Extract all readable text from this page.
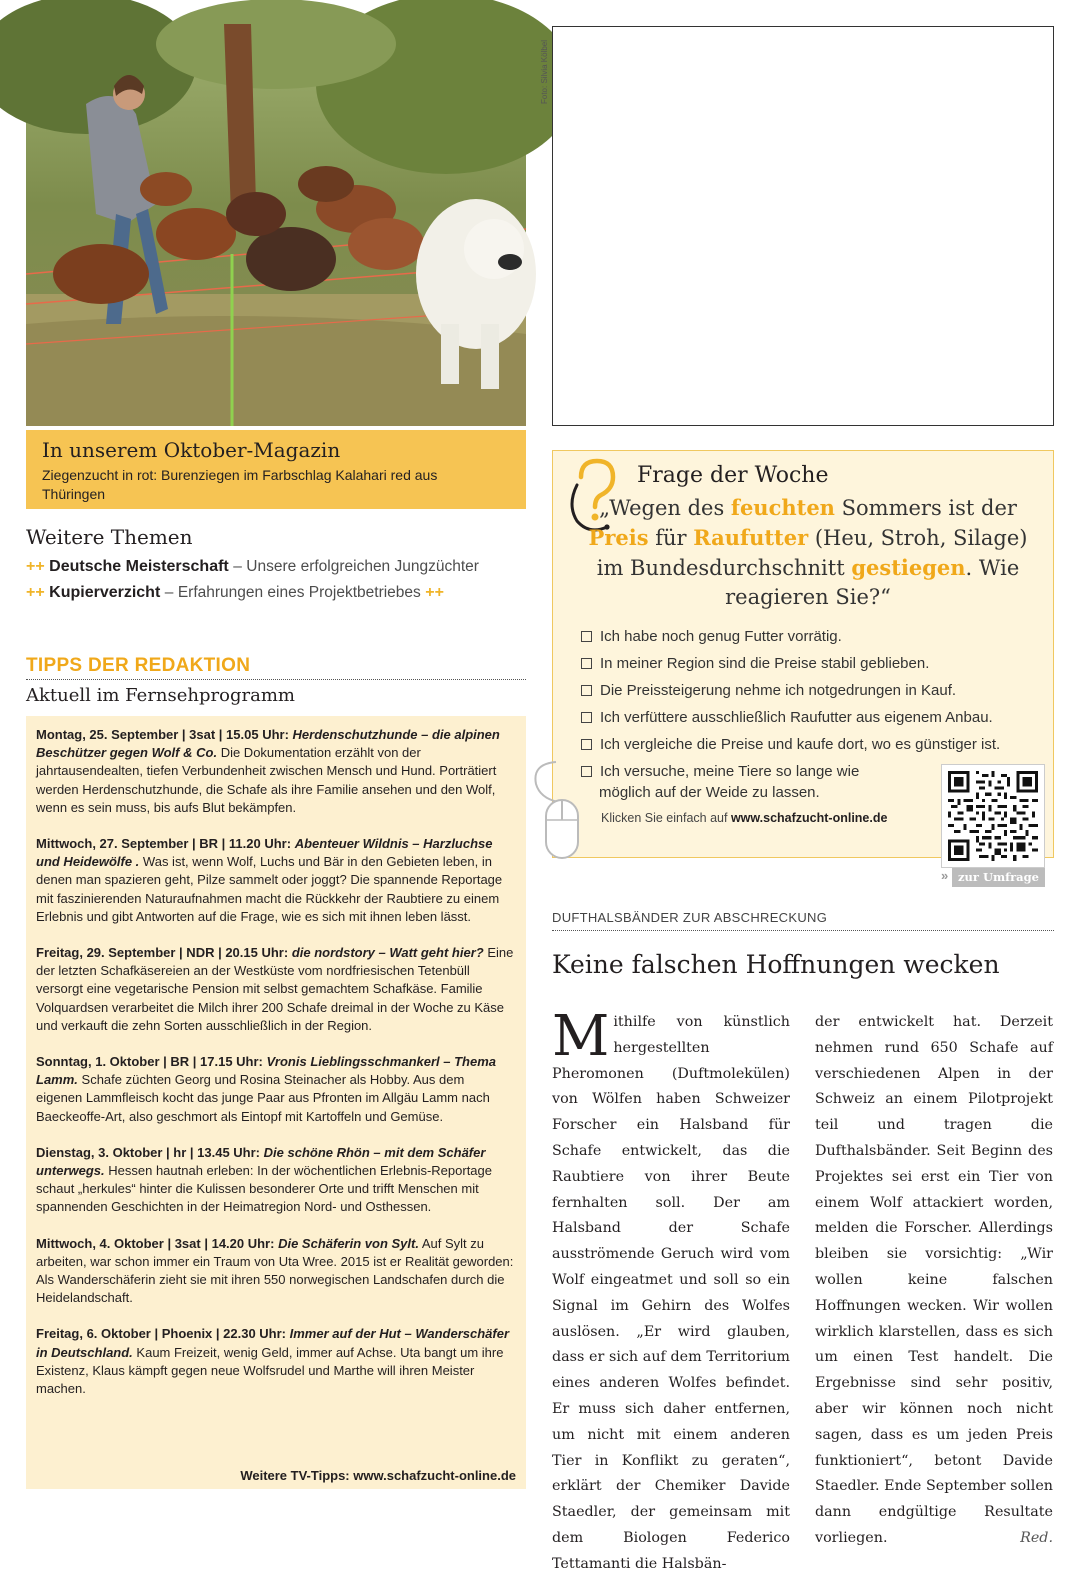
Foto: Silvia Kölbel
In unserem Oktober-Magazin
Ziegenzucht in rot: Burenziegen im Farbschlag Kalahari red aus Thüringen
Weitere Themen
++ Deutsche Meisterschaft – Unsere erfolgreichen Jungzüchter
++ Kupierverzicht – Erfahrungen eines Projektbetriebes ++
TIPPS DER REDAKTION
Aktuell im Fernsehprogramm
Montag, 25. September | 3sat | 15.05 Uhr: Herdenschutzhunde – die alpinen Beschützer gegen Wolf & Co. Die Dokumentation erzählt von der jahrtausendealten, tiefen Verbundenheit zwischen Mensch und Hund. Porträtiert werden Herdenschutzhunde, die Schafe als ihre Familie ansehen und den Wolf, wenn es sein muss, bis aufs Blut bekämpfen.
Mittwoch, 27. September | BR | 11.20 Uhr: Abenteuer Wildnis – Harzluchse und Heidewölfe . Was ist, wenn Wolf, Luchs und Bär in den Gebieten leben, in denen man spazieren geht, Pilze sammelt oder joggt? Die spannende Reportage mit faszinierenden Naturaufnahmen macht die Rückkehr der Raubtiere zu einem Erlebnis und gibt Antworten auf die Frage, wie es sich mit ihnen leben lässt.
Freitag, 29. September | NDR | 20.15 Uhr: die nordstory – Watt geht hier? Eine der letzten Schafkäsereien an der Westküste vom nordfriesischen Tetenbüll versorgt eine vegetarische Pension mit selbst gemachtem Schafkäse. Familie Volquardsen verarbeitet die Milch ihrer 200 Schafe dreimal in der Woche zu Käse und verkauft die zehn Sorten ausschließlich in der Region.
Sonntag, 1. Oktober | BR | 17.15 Uhr: Vronis Lieblingsschmankerl – Thema Lamm. Schafe züchten Georg und Rosina Steinacher als Hobby. Aus dem eigenen Lammfleisch kocht das junge Paar aus Pfronten im Allgäu Lamm nach Baeckeoffe-Art, also geschmort als Eintopf mit Kartoffeln und Gemüse.
Dienstag, 3. Oktober | hr | 13.45 Uhr: Die schöne Rhön – mit dem Schäfer unterwegs. Hessen hautnah erleben: In der wöchentlichen Erlebnis-Reportage schaut „herkules“ hinter die Kulissen besonderer Orte und trifft Menschen mit spannenden Geschichten in der Heimatregion Nord- und Osthessen.
Mittwoch, 4. Oktober | 3sat | 14.20 Uhr: Die Schäferin von Sylt. Auf Sylt zu arbeiten, war schon immer ein Traum von Uta Wree. 2015 ist er Realität geworden: Als Wanderschäferin zieht sie mit ihren 550 norwegischen Landschafen durch die Heidelandschaft.
Freitag, 6. Oktober | Phoenix | 22.30 Uhr: Immer auf der Hut – Wanderschäfer in Deutschland. Kaum Freizeit, wenig Geld, immer auf Achse. Uta bangt um ihre Existenz, Klaus kämpft gegen neue Wolfsrudel und Marthe will ihren Meister machen.
Weitere TV-Tipps: www.schafzucht-online.de
Frage der Woche
„Wegen des feuchten Sommers ist der Preis für Raufutter (Heu, Stroh, Silage) im Bundesdurchschnitt gestiegen. Wie reagieren Sie?“
Ich habe noch genug Futter vorrätig.
In meiner Region sind die Preise stabil geblieben.
Die Preissteigerung nehme ich notgedrungen in Kauf.
Ich verfüttere ausschließlich Raufutter aus eigenem Anbau.
Ich vergleiche die Preise und kaufe dort, wo es günstiger ist.
Ich versuche, meine Tiere so lange wie
möglich auf der Weide zu lassen.
Klicken Sie einfach auf www.schafzucht-online.de
» zur Umfrage
DUFTHALSBÄNDER ZUR ABSCHRECKUNG
Keine falschen Hoffnungen wecken
Mithilfe von künstlich hergestellten Pheromonen (Duftmolekülen) von Wölfen haben Schweizer Forscher ein Halsband für Schafe entwickelt, das die Raubtiere von ihrer Beute fernhalten soll. Der am Halsband der Schafe ausströmende Geruch wird vom Wolf eingeatmet und soll so ein Signal im Gehirn des Wolfes auslösen. „Er wird glauben, dass er sich auf dem Territorium eines anderen Wolfes befindet. Er muss sich daher entfernen, um nicht mit einem anderen Tier in Konflikt zu geraten“, erklärt der Chemiker Davide Staedler, der gemeinsam mit dem Biologen Federico Tettamanti die Halsbän-
der entwickelt hat. Derzeit nehmen rund 650 Schafe auf verschiedenen Alpen in der Schweiz an einem Pilotprojekt teil und tragen die Dufthalsbänder. Seit Beginn des Projektes sei erst ein Tier von einem Wolf attackiert worden, melden die Forscher. Allerdings bleiben sie vorsichtig: „Wir wollen keine falschen Hoffnungen wecken. Wir wollen wirklich klarstellen, dass es sich um einen Test handelt. Die Ergebnisse sind sehr positiv, aber wir können noch nicht sagen, dass es um jeden Preis funktioniert“, betont Davide Staedler. Ende September sollen dann endgültige Resultate vorliegen.	Red.
